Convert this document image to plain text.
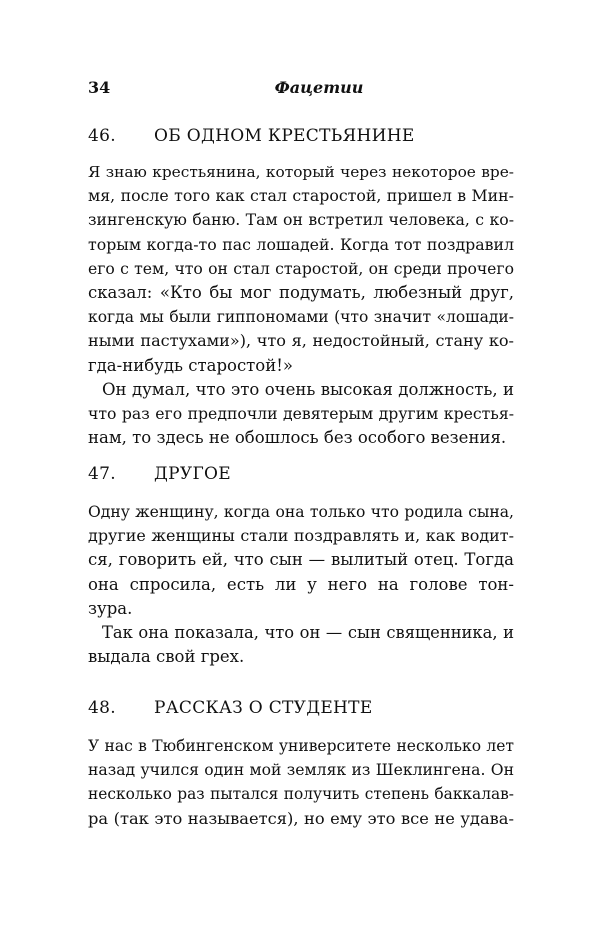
34	Фацетии
46. ОБ ОДНОМ КРЕСТЬЯНИНЕ

Я знаю крестьянина, который через некоторое вре-
мя, после того как стал старостой, пришел в Мин-
зингенскую баню. Там он встретил человека, с ко-
торым когда-то пас лошадей. Когда тот поздравил
его с тем, что он стал старостой, он среди прочего
сказал: «Кто бы мог подумать, любезный друг,
когда мы были гиппономами (что значит «лошади-
ными пастухами»), что я, недостойный, стану ко-
гда-нибудь старостой!»

Он думал, что это очень высокая должность, и
что раз его предпочли девятерым другим крестья-
нам, то здесь не обошлось без особого везения.

47. ДРУГОЕ

Одну женщину, когда она только что родила сына,
другие женщины стали поздравлять и, как водит-
ся, говорить ей, что сын — вылитый отец. Тогда
она спросила, есть ли у него на голове тон-
зура.

Так она показала, что он — сын священника, и
выдала свой грех.

48. РАССКАЗ О СТУДЕНТЕ

У нас в Тюбингенском университете несколько лет
назад учился один мой земляк из Шеклингена. Он
несколько раз пытался получить степень баккалав-
ра (так это называется), но ему это все не удава-
